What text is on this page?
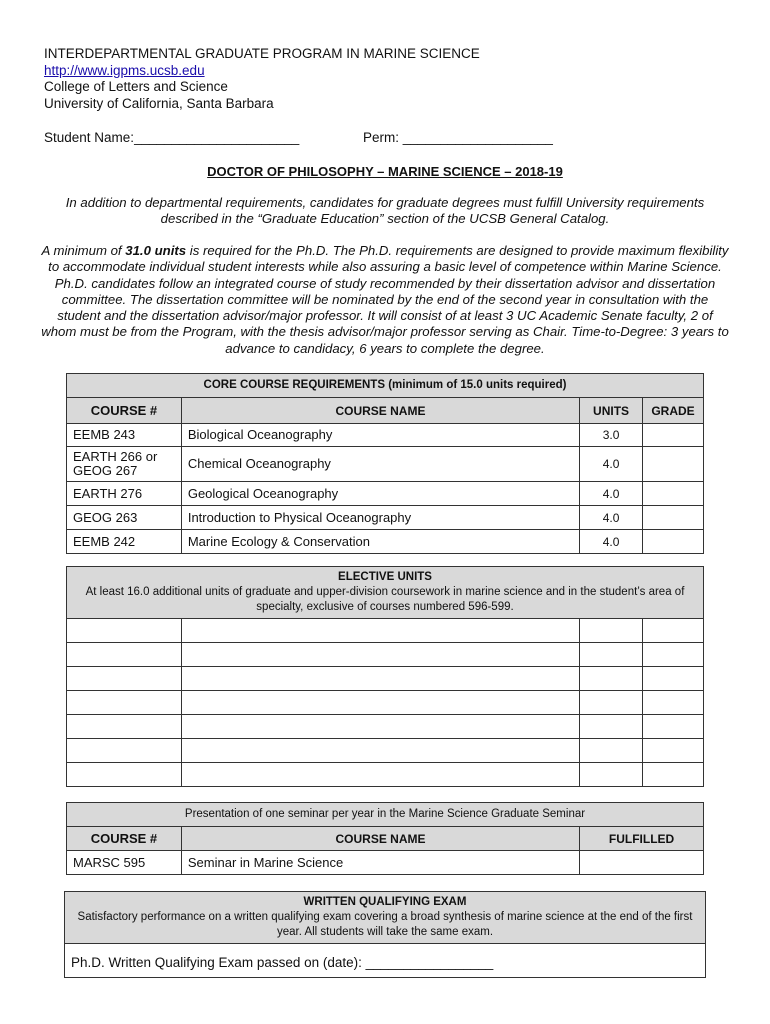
INTERDEPARTMENTAL GRADUATE PROGRAM IN MARINE SCIENCE
http://www.igpms.ucsb.edu
College of Letters and Science
University of California, Santa Barbara
Student Name:______________________	Perm: ____________________
DOCTOR OF PHILOSOPHY – MARINE SCIENCE – 2018-19
In addition to departmental requirements, candidates for graduate degrees must fulfill University requirements described in the “Graduate Education” section of the UCSB General Catalog.
A minimum of 31.0 units is required for the Ph.D. The Ph.D. requirements are designed to provide maximum flexibility to accommodate individual student interests while also assuring a basic level of competence within Marine Science. Ph.D. candidates follow an integrated course of study recommended by their dissertation advisor and dissertation committee. The dissertation committee will be nominated by the end of the second year in consultation with the student and the dissertation advisor/major professor. It will consist of at least 3 UC Academic Senate faculty, 2 of whom must be from the Program, with the thesis advisor/major professor serving as Chair. Time-to-Degree: 3 years to advance to candidacy, 6 years to complete the degree.
CORE COURSE REQUIREMENTS (minimum of 15.0 units required)			
COURSE #	COURSE NAME	UNITS	GRADE
EEMB 243	Biological Oceanography	3.0	
EARTH 266 or GEOG 267	Chemical Oceanography	4.0	
EARTH 276	Geological Oceanography	4.0	
GEOG 263	Introduction to Physical Oceanography	4.0	
EEMB 242	Marine Ecology & Conservation	4.0	
ELECTIVE UNITS
At least 16.0 additional units of graduate and upper-division coursework in marine science and in the student’s area of specialty, exclusive of courses numbered 596-599.			

Presentation of one seminar per year in the Marine Science Graduate Seminar		
COURSE #	COURSE NAME	FULFILLED
MARSC 595	Seminar in Marine Science	
WRITTEN QUALIFYING EXAM
Satisfactory performance on a written qualifying exam covering a broad synthesis of marine science at the end of the first year. All students will take the same exam.

Ph.D. Written Qualifying Exam passed on (date): _________________
